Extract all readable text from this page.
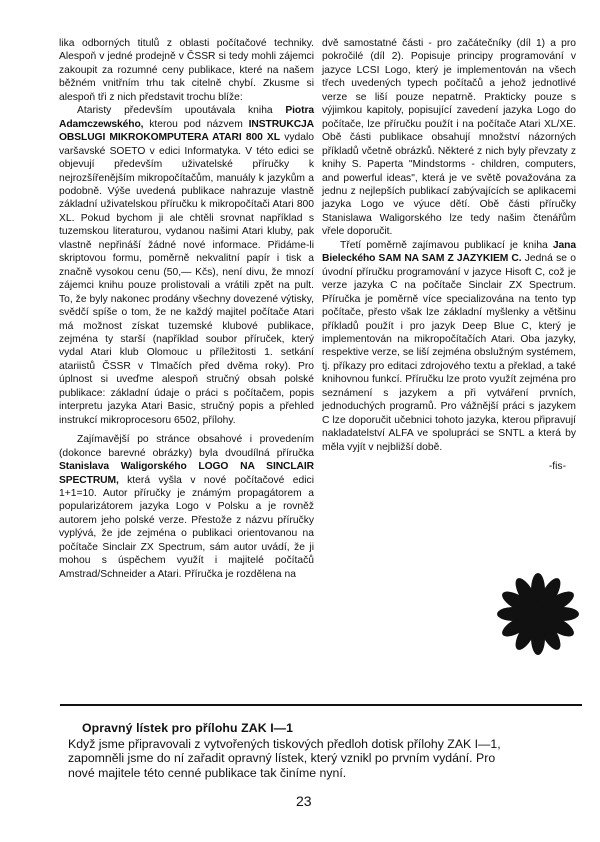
lika odborných titulů z oblasti počítačové techniky. Alespoň v jedné prodejně v ČSSR si tedy mohli zájemci zakoupit za rozumné ceny publikace, které na našem běžném vnitřním trhu tak citelně chybí. Zkusme si alespoň tři z nich představit trochu blíže:

Ataristy především upoutávala kniha Piotra Adamczewského, kterou pod názvem INSTRUKCJA OBSLUGI MIKROKOMPUTERA ATARI 800 XL vydalo varšavské SOETO v edici Informatyka. V této edici se objevují především uživatelské příručky k nejrozšířenějším mikropočítačům, manuály k jazykům a podobně. Výše uvedená publikace nahrazuje vlastně základní uživatelskou příručku k mikropočítači Atari 800 XL. Pokud bychom ji ale chtěli srovnat například s tuzemskou literaturou, vydanou našimi Atari kluby, pak vlastně nepřináší žádné nové informace. Přidáme-li skriptovou formu, poměrně nekvalitní papír i tisk a značně vysokou cenu (50,— Kčs), není divu, že mnozí zájemci knihu pouze prolistovali a vrátili zpět na pult. To, že byly nakonec prodány všechny dovezené výtisky, svědčí spíše o tom, že ne každý majitel počítače Atari má možnost získat tuzemské klubové publikace, zejména ty starší (například soubor příruček, který vydal Atari klub Olomouc u příležitosti 1. setkání atariistů ČSSR v Tlmačích před dvěma roky). Pro úplnost si uveďme alespoň stručný obsah polské publikace: základní údaje o práci s počítačem, popis interpretu jazyka Atari Basic, stručný popis a přehled instrukcí mikroprocesoru 6502, přílohy.

Zajímavější po stránce obsahové i provedením (dokonce barevné obrázky) byla dvoudílná příručka Stanislava Waligorského LOGO NA SINCLAIR SPECTRUM, která vyšla v nové počítačové edici 1+1=10. Autor příručky je známým propagátorem a popularizátorem jazyka Logo v Polsku a je rovněž autorem jeho polské verze. Přestože z názvu příručky vyplývá, že jde zejména o publikaci orientovanou na počítače Sinclair ZX Spectrum, sám autor uvádí, že ji mohou s úspěchem využít i majitelé počítačů Amstrad/Schneider a Atari. Příručka je rozdělena na

dvě samostatné části - pro začátečníky (díl 1) a pro pokročilé (díl 2). Popisuje principy programování v jazyce LCSI Logo, který je implementován na všech třech uvedených typech počítačů a jehož jednotlivé verze se liší pouze nepatrně. Prakticky pouze s výjimkou kapitoly, popisující zavedení jazyka Logo do počítače, lze příručku použít i na počítače Atari XL/XE. Obě části publikace obsahují množství názorných příkladů včetně obrázků. Některé z nich byly převzaty z knihy S. Paperta "Mindstorms - children, computers, and powerful ideas", která je ve světě považována za jednu z nejlepších publikací zabývajících se aplikacemi jazyka Logo ve výuce dětí. Obě části příručky Stanislawa Waligorského lze tedy našim čtenářům vřele doporučit.

Třetí poměrně zajímavou publikací je kniha Jana Bieleckého SAM NA SAM Z JAZYKIEM C. Jedná se o úvodní příručku programování v jazyce Hisoft C, což je verze jazyka C na počítače Sinclair ZX Spectrum. Příručka je poměrně více specializována na tento typ počítače, přesto však lze základní myšlenky a většinu příkladů použít i pro jazyk Deep Blue C, který je implementován na mikropočítačích Atari. Oba jazyky, respektive verze, se liší zejména obslužným systémem, tj. příkazy pro editaci zdrojového textu a překlad, a také knihovnou funkcí. Příručku lze proto využít zejména pro seznámení s jazykem a při vytváření prvních, jednoduchých programů. Pro vážnější práci s jazykem C lze doporučit učebnici tohoto jazyka, kterou připravují nakladatelství ALFA ve spolupráci se SNTL a která by měla vyjít v nejbližší době.

-fis-

Opravný lístek pro přílohu ZAK I—1

Když jsme připravovali z vytvořených tiskových předloh dotisk přílohy ZAK I—1,
zapomněli jsme do ní zařadit opravný lístek, který vznikl po prvním vydání. Pro
nové majitele této cenné publikace tak činíme nyní.

23
